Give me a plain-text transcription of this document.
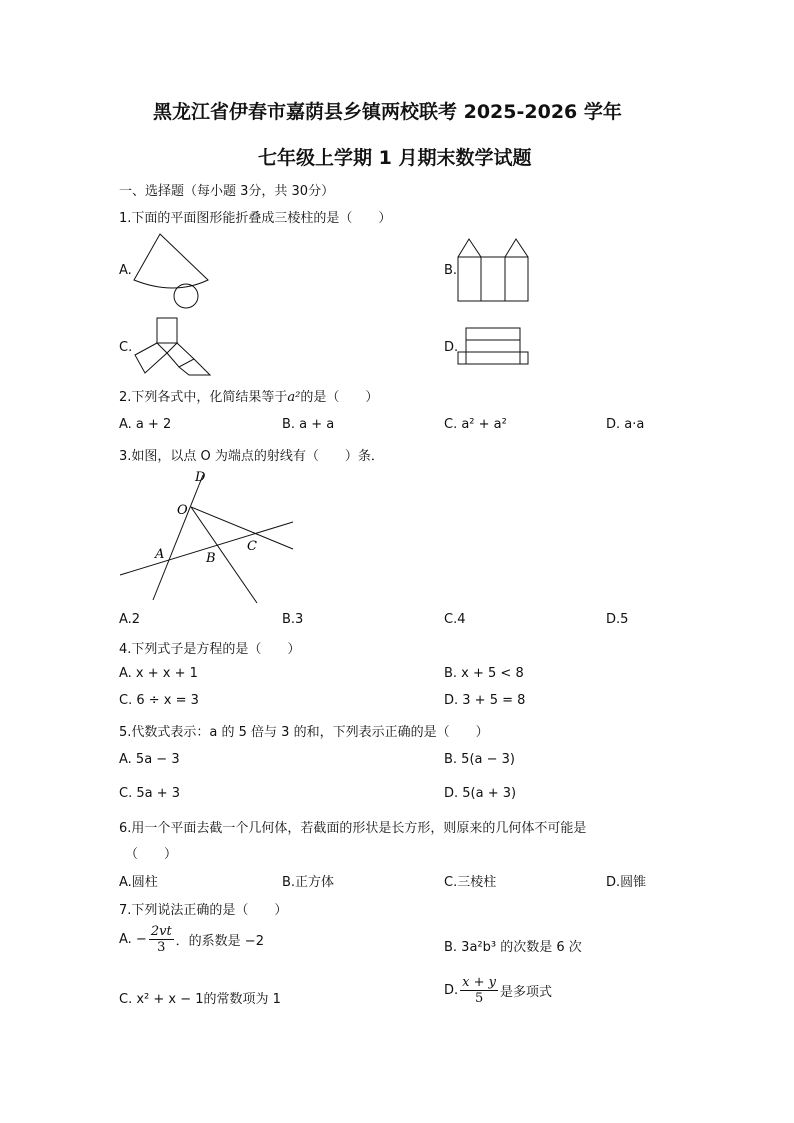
黑龙江省伊春市嘉荫县乡镇两校联考 2025-2026 学年
七年级上学期 1 月期末数学试题
一、选择题（每小题 3分，共 30分）
1.下面的平面图形能折叠成三棱柱的是（　　）
A.	B.
C.	D.
2.下列各式中，化简结果等于a²的是（　　）
A. a + 2	B. a + a	C. a² + a²	D. a·a
3.如图，以点 O 为端点的射线有（　　）条．
D
O
A	B
C
A.2	B.3	C.4	D.5
4.下列式子是方程的是（　　）
A. x + x + 1	B. x + 5 < 8
C. 6 ÷ x = 3	D. 3 + 5 = 8
5.代数式表示：a 的 5 倍与 3 的和，下列表示正确的是（　　）
A. 5a − 3	B. 5(a − 3)
C. 5a + 3	D. 5(a + 3)
6.用一个平面去截一个几何体，若截面的形状是长方形，则原来的几何体不可能是
（　　）
A.圆柱	B.正方体	C.三棱柱	D.圆锥
7.下列说法正确的是（　　）
A. − $\frac{2vt}{3}$ ．的系数是 −2	B. 3a²b³ 的次数是 6 次
C. x² + x − 1的常数项为 1
D. $\frac{x + y}{5}$ 是多项式
